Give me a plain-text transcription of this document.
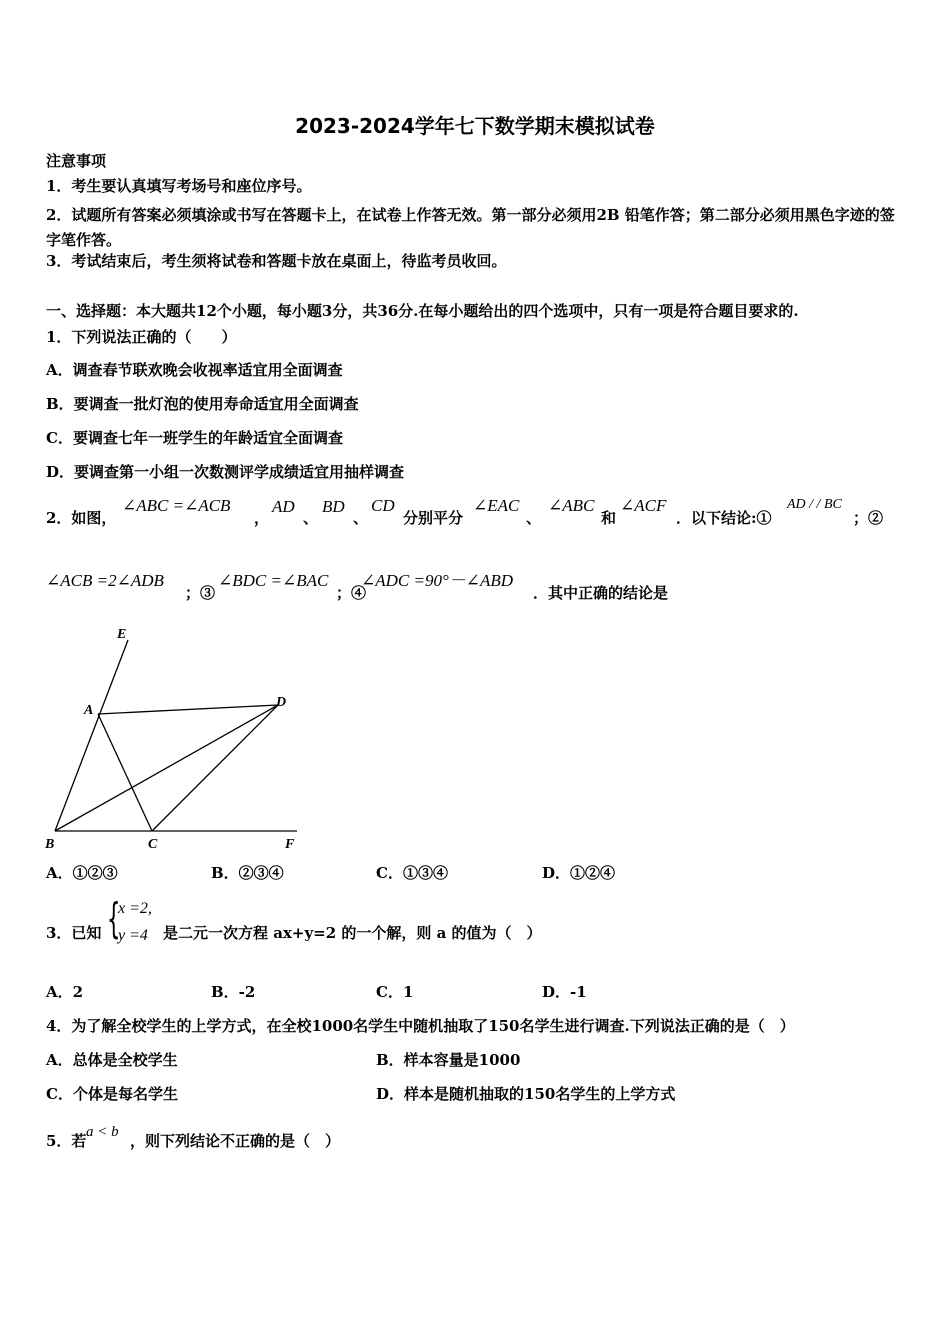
2023-2024学年七下数学期末模拟试卷
注意事项
1．考生要认真填写考场号和座位序号。
2．试题所有答案必须填涂或书写在答题卡上，在试卷上作答无效。第一部分必须用2B 铅笔作答；第二部分必须用黑色字迹的签字笔作答。
3．考试结束后，考生须将试卷和答题卡放在桌面上，待监考员收回。
一、选择题：本大题共12个小题，每小题3分，共36分.在每小题给出的四个选项中，只有一项是符合题目要求的.
1．下列说法正确的（　　）
A．调查春节联欢晚会收视率适宜用全面调查
B．要调查一批灯泡的使用寿命适宜用全面调查
C．要调查七年一班学生的年龄适宜全面调查
D．要调查第一小组一次数测评学成绩适宜用抽样调查
2．如图，
∠ABC =∠ACB
，
AD
、
BD
、
CD
分别平分
∠EAC
、
∠ABC
和
∠ACF
．以下结论:①
AD / / BC
；②
∠ACB =2∠ADB
；③
∠BDC =∠BAC
；④
∠ADC =90°－∠ABD
．其中正确的结论是
E
A
D
B	C	F
A．①②③	B．②③④	C．①③④	D．①②④
3．已知 {
x =2,
y =4 是二元一次方程 ax+y=2 的一个解，则 a 的值为（　）
A．2	B．-2	C．1	D．-1
4．为了解全校学生的上学方式，在全校1000名学生中随机抽取了150名学生进行调查.下列说法正确的是（　）
A．总体是全校学生	B．样本容量是1000
C．个体是每名学生	D．样本是随机抽取的150名学生的上学方式
5．若 a < b ，则下列结论不正确的是（　）
